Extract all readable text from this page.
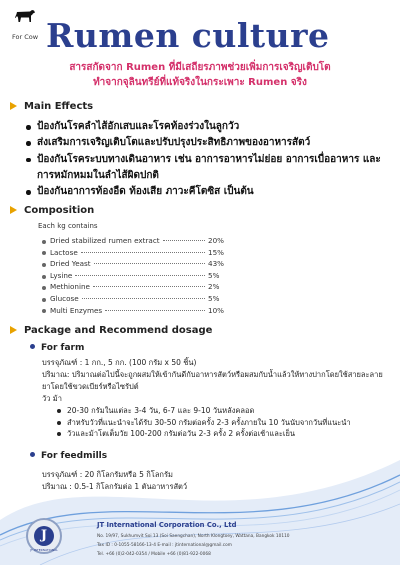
For Cow Rumen culture
สารสกัดจาก Rumen ที่มีเสถียรภาพช่วยเพิ่มการเจริญเติบโต
ทำจากจุลินทรีย์ที่แท้จริงในกระเพาะ Rumen จริง
Main Effects
ป้องกันโรคลำไส้อักเสบและโรคท้องร่วงในลูกวัว
ส่งเสริมการเจริญเติบโตและปรับปรุงประสิทธิภาพของอาหารสัตว์
ป้องกันโรคระบบทางเดินอาหาร เช่น อาการอาหารไม่ย่อย อาการเบื่ออาหาร และการหมักหมมในลำไส้ผิดปกติ
ป้องกันอาการท้องอืด ท้องเสีย ภาวะคีโตซิส เป็นต้น
Composition
Each kg contains
Dried stabilized rumen extract	20%
Lactose	15%
Dried Yeast	43%
Lysine	5%
Methionine	2%
Glucose	5%
Multi Enzymes	10%
Package and Recommend dosage
For farm
บรรจุภัณฑ์ : 1 กก., 5 กก. (100 กรัม x 50 ชิ้น)
ปริมาณ: ปริมาณต่อไปนี้จะถูกผสมให้เข้ากันดีกับอาหารสัตว์หรือผสมกับน้ำแล้วให้ทางปากโดยใช้สายละลายยาโดยใช้ขวดเบียร์หรือไซรัปต์
วัว ม้า
20-30 กรัมในแต่ละ 3-4 วัน, 6-7 และ 9-10 วันหลังคลอด
สำหรับวัวที่แนะนำจะได้รับ 30-50 กรัมต่อครั้ง 2-3 ครั้งภายใน 10 วันนับจากวันที่แนะนำ
วัวและม้าโตเต็มวัย 100-200 กรัมต่อวัน 2-3 ครั้ง 2 ครั้งต่อเช้าและเย็น
For feedmills
บรรจุภัณฑ์ : 20 กิโลกรัมหรือ 5 กิโลกรัม
ปริมาณ : 0.5-1 กิโลกรัมต่อ 1 ตันอาหารสัตว์
J
JT INTERNATIONAL
JT International Corporation Co., Ltd
No. 19/97, Sukhumvit Soi 13 (Soi Saengchan), North Klongtoey, Wattana, Bangkok 10110
Tax ID : 0-1055-58166-13-4 E-mail : jtinternational@gmail.com
Tel. +66 (0)2-042-0354 / Mobile +66 (0)81-922-0068
